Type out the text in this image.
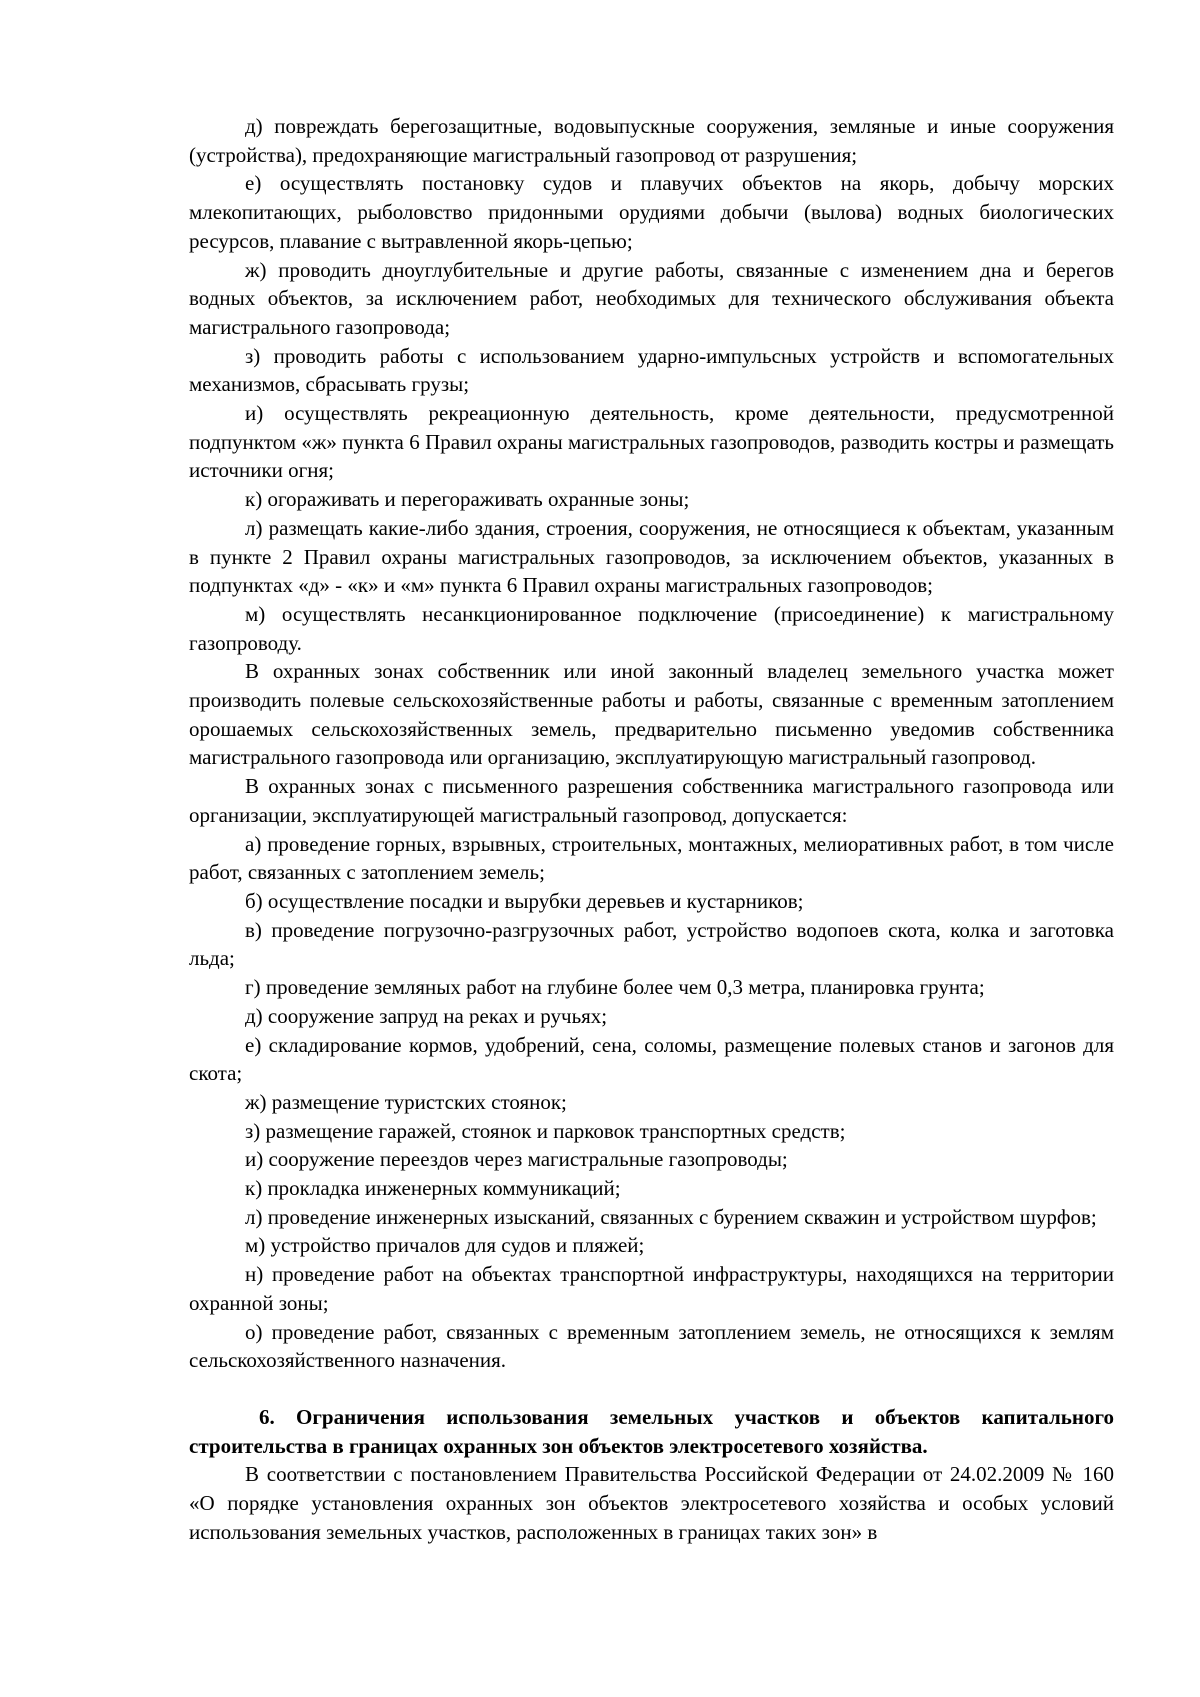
д) повреждать берегозащитные, водовыпускные сооружения, земляные и иные сооружения (устройства), предохраняющие магистральный газопровод от разрушения;

е) осуществлять постановку судов и плавучих объектов на якорь, добычу морских млекопитающих, рыболовство придонными орудиями добычи (вылова) водных биологических ресурсов, плавание с вытравленной якорь-цепью;

ж) проводить дноуглубительные и другие работы, связанные с изменением дна и берегов водных объектов, за исключением работ, необходимых для технического обслуживания объекта магистрального газопровода;

з) проводить работы с использованием ударно-импульсных устройств и вспомогательных механизмов, сбрасывать грузы;

и) осуществлять рекреационную деятельность, кроме деятельности, предусмотренной подпунктом «ж» пункта 6 Правил охраны магистральных газопроводов, разводить костры и размещать источники огня;

к) огораживать и перегораживать охранные зоны;

л) размещать какие-либо здания, строения, сооружения, не относящиеся к объектам, указанным в пункте 2 Правил охраны магистральных газопроводов, за исключением объектов, указанных в подпунктах «д» - «к» и «м» пункта 6 Правил охраны магистральных газопроводов;

м) осуществлять несанкционированное подключение (присоединение) к магистральному газопроводу.

В охранных зонах собственник или иной законный владелец земельного участка может производить полевые сельскохозяйственные работы и работы, связанные с временным затоплением орошаемых сельскохозяйственных земель, предварительно письменно уведомив собственника магистрального газопровода или организацию, эксплуатирующую магистральный газопровод.

В охранных зонах с письменного разрешения собственника магистрального газопровода или организации, эксплуатирующей магистральный газопровод, допускается:

а) проведение горных, взрывных, строительных, монтажных, мелиоративных работ, в том числе работ, связанных с затоплением земель;

б) осуществление посадки и вырубки деревьев и кустарников;

в) проведение погрузочно-разгрузочных работ, устройство водопоев скота, колка и заготовка льда;

г) проведение земляных работ на глубине более чем 0,3 метра, планировка грунта;

д) сооружение запруд на реках и ручьях;

е) складирование кормов, удобрений, сена, соломы, размещение полевых станов и загонов для скота;

ж) размещение туристских стоянок;

з) размещение гаражей, стоянок и парковок транспортных средств;

и) сооружение переездов через магистральные газопроводы;

к) прокладка инженерных коммуникаций;

л) проведение инженерных изысканий, связанных с бурением скважин и устройством шурфов;

м) устройство причалов для судов и пляжей;

н) проведение работ на объектах транспортной инфраструктуры, находящихся на территории охранной зоны;

о) проведение работ, связанных с временным затоплением земель, не относящихся к землям сельскохозяйственного назначения.

6. Ограничения использования земельных участков и объектов капитального строительства в границах охранных зон объектов электросетевого хозяйства.

В соответствии с постановлением Правительства Российской Федерации от 24.02.2009 № 160 «О порядке установления охранных зон объектов электросетевого хозяйства и особых условий использования земельных участков, расположенных в границах таких зон» в
